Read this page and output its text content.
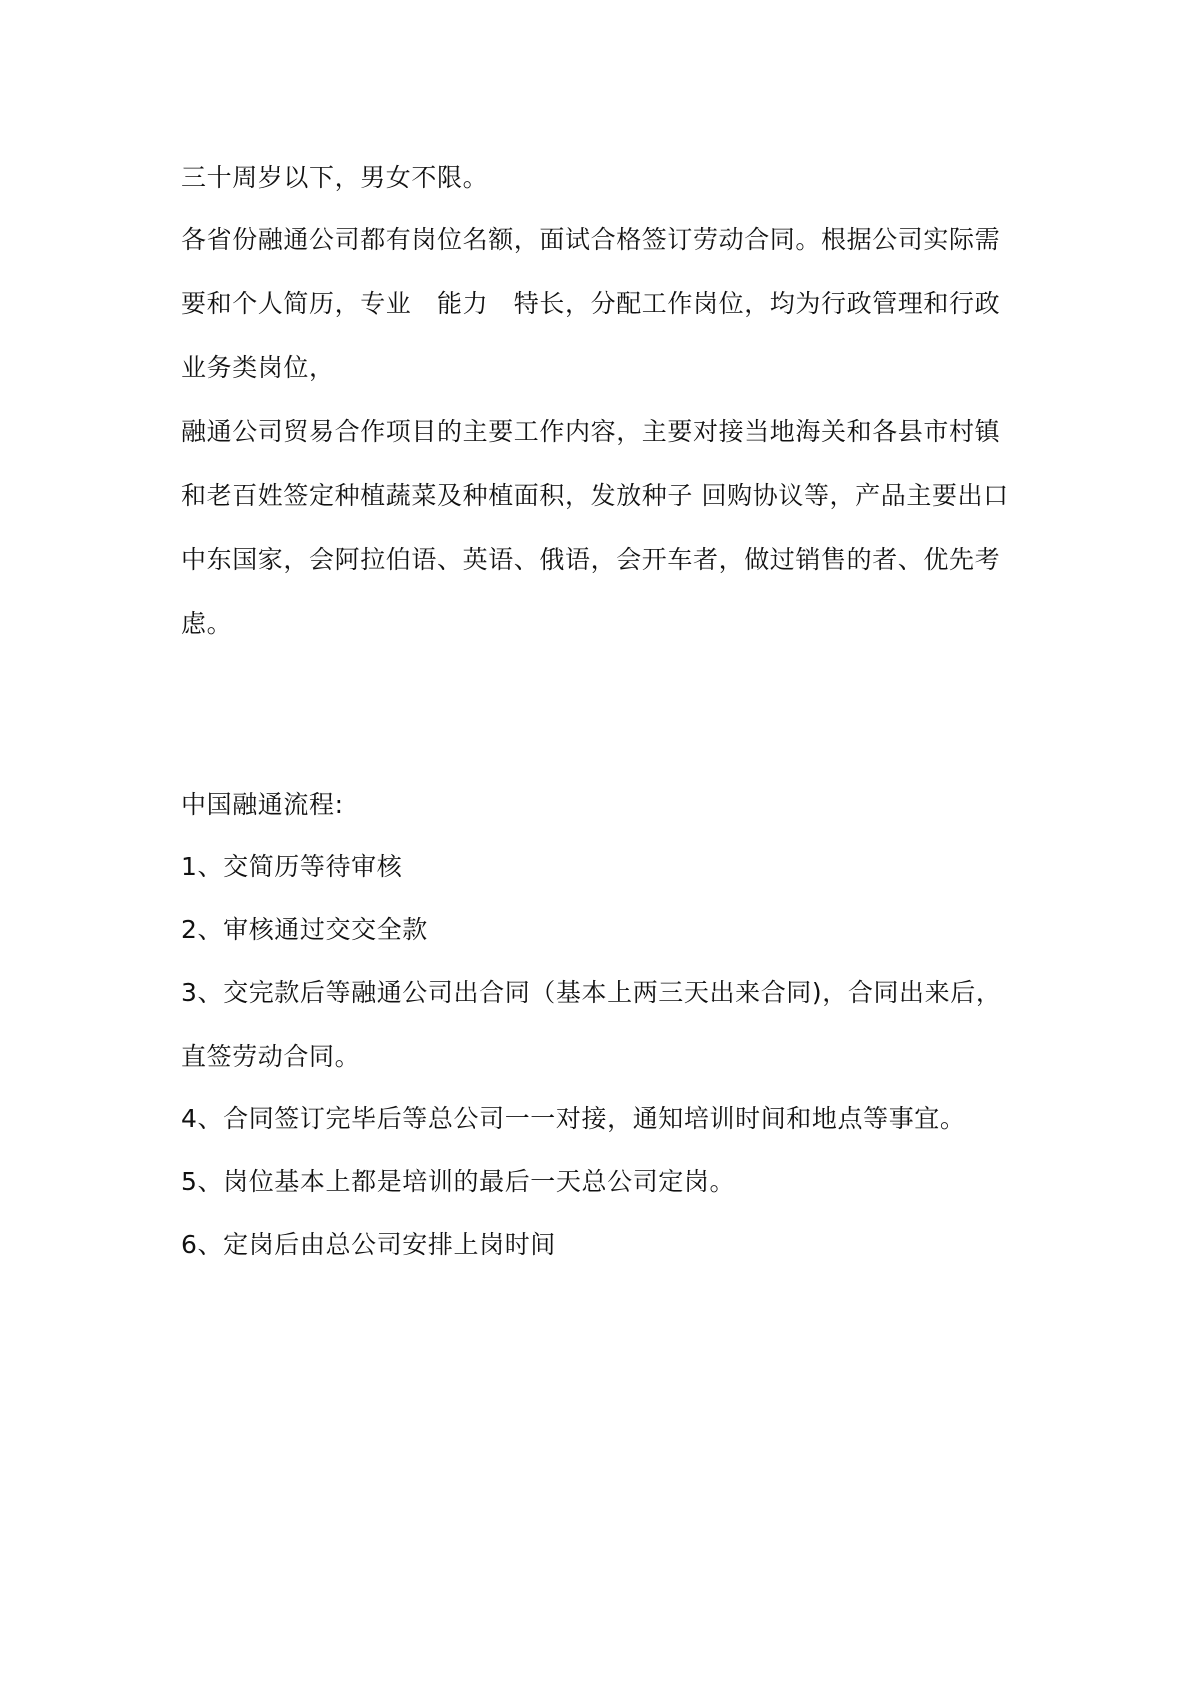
三十周岁以下，男女不限。
各省份融通公司都有岗位名额，面试合格签订劳动合同。根据公司实际需要和个人简历，专业　能力　特长，分配工作岗位，均为行政管理和行政业务类岗位，
融通公司贸易合作项目的主要工作内容，主要对接当地海关和各县市村镇和老百姓签定种植蔬菜及种植面积，发放种子 回购协议等，产品主要出口中东国家，会阿拉伯语、英语、俄语，会开车者，做过销售的者、优先考虑。
中国融通流程:
1、交简历等待审核
2、审核通过交交全款
3、交完款后等融通公司出合同（基本上两三天出来合同)，合同出来后，直签劳动合同。
4、合同签订完毕后等总公司一一对接，通知培训时间和地点等事宜。
5、岗位基本上都是培训的最后一天总公司定岗。
6、定岗后由总公司安排上岗时间
